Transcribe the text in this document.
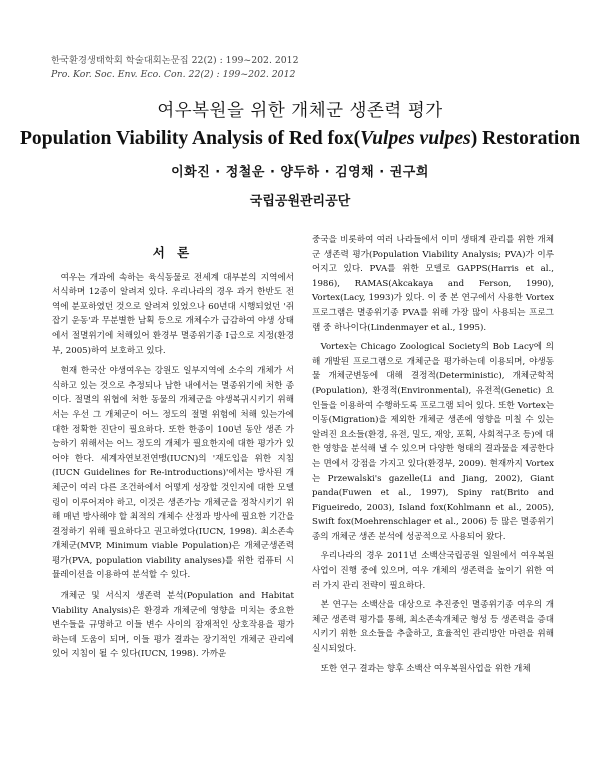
한국환경생태학회 학술대회논문집 22(2) : 199~202. 2012
Pro. Kor. Soc. Env. Eco. Con. 22(2) : 199~202. 2012
여우복원을 위한 개체군 생존력 평가
Population Viability Analysis of Red fox(Vulpes vulpes) Restoration
이화진 · 정철운 · 양두하 · 김영채 · 권구희
국립공원관리공단
서 론

여우는 개과에 속하는 육식동물로 전세계 대부분의 지역에서 서식하며 12종이 알려져 있다. 우리나라의 경우 과거 한반도 전역에 분포하였던 것으로 알려져 있었으나 60년대 시행되었던 '쥐잡기 운동'과 무분별한 남획 등으로 개체수가 급감하여 야생 상태에서 절멸위기에 처해있어 환경부 멸종위기종 Ⅰ급으로 지정(환경부, 2005)하여 보호하고 있다.

현재 한국산 야생여우는 강원도 일부지역에 소수의 개체가 서식하고 있는 것으로 추정되나 남한 내에서는 멸종위기에 처한 종이다. 절멸의 위협에 처한 동물의 개체군을 야생복귀시키기 위해서는 우선 그 개체군이 어느 정도의 절멸 위험에 처해 있는가에 대한 정확한 진단이 필요하다. 또한 한종이 100년 동안 생존 가능하기 위해서는 어느 정도의 개체가 필요한지에 대한 평가가 있어야 한다. 세계자연보전연맹(IUCN)의 '재도입을 위한 지침(IUCN Guidelines for Re-introductions)'에서는 방사된 개체군이 여러 다른 조건하에서 어떻게 성장할 것인지에 대한 모델링이 이루어져야 하고, 이것은 생존가능 개체군을 정착시키기 위해 매년 방사해야 할 최적의 개체수 산정과 방사에 필요한 기간을 결정하기 위해 필요하다고 권고하였다(IUCN, 1998). 최소존속개체군(MVP, Minimum viable Population)은 개체군생존력평가(PVA, population viability analyses)를 위한 컴퓨터 시뮬레이션을 이용하여 분석할 수 있다.

개체군 및 서식지 생존력 분석(Population and Habitat Viability Analysis)은 환경과 개체군에 영향을 미치는 중요한 변수들을 규명하고 이들 변수 사이의 잠재적인 상호작용을 평가하는데 도움이 되며, 이들 평가 결과는 장기적인 개체군 관리에 있어 지침이 될 수 있다(IUCN, 1998). 가까운

중국을 비롯하여 여러 나라들에서 이미 생태계 관리를 위한 개체군 생존력 평가(Population Viability Analysis; PVA)가 이루어지고 있다. PVA를 위한 모델로 GAPPS(Harris et al., 1986), RAMAS(Akcakaya and Ferson, 1990), Vortex(Lacy, 1993)가 있다. 이 중 본 연구에서 사용한 Vortex 프로그램은 멸종위기종 PVA를 위해 가장 많이 사용되는 프로그램 중 하나이다(Lindenmayer et al., 1995).

Vortex는 Chicago Zoological Society의 Bob Lacy에 의해 개발된 프로그램으로 개체군을 평가하는데 이용되며, 야생동물 개체군변동에 대해 결정적(Deterministic), 개체군학적(Population), 환경적(Environmental), 유전적(Genetic) 요인들을 이용하여 수행하도록 프로그램 되어 있다. 또한 Vortex는 이동(Migration)을 제외한 개체군 생존에 영향을 미칠 수 있는 알려진 요소들(환경, 유전, 밀도, 재앙, 포획, 사회적구조 등)에 대한 영향을 분석해 낼 수 있으며 다양한 형태의 결과물을 제공한다는 면에서 강점을 가지고 있다(환경부, 2009). 현재까지 Vortex는 Przewalski's gazelle(Li and Jiang, 2002), Giant panda(Fuwen et al., 1997), Spiny rat(Brito and Figueiredo, 2003), Island fox(Kohlmann et al., 2005), Swift fox(Moehrenschlager et al., 2006) 등 많은 멸종위기종의 개체군 생존 분석에 성공적으로 사용되어 왔다.

우리나라의 경우 2011년 소백산국립공원 일원에서 여우복원사업이 진행 중에 있으며, 여우 개체의 생존력을 높이기 위한 여러 가지 관리 전략이 필요하다.

본 연구는 소백산을 대상으로 추진중인 멸종위기종 여우의 개체군 생존력 평가를 통해, 최소존속개체군 형성 등 생존력을 증대시키기 위한 요소들을 추출하고, 효율적인 관리방안 마련을 위해 실시되었다.

또한 연구 결과는 향후 소백산 여우복원사업을 위한 개체
